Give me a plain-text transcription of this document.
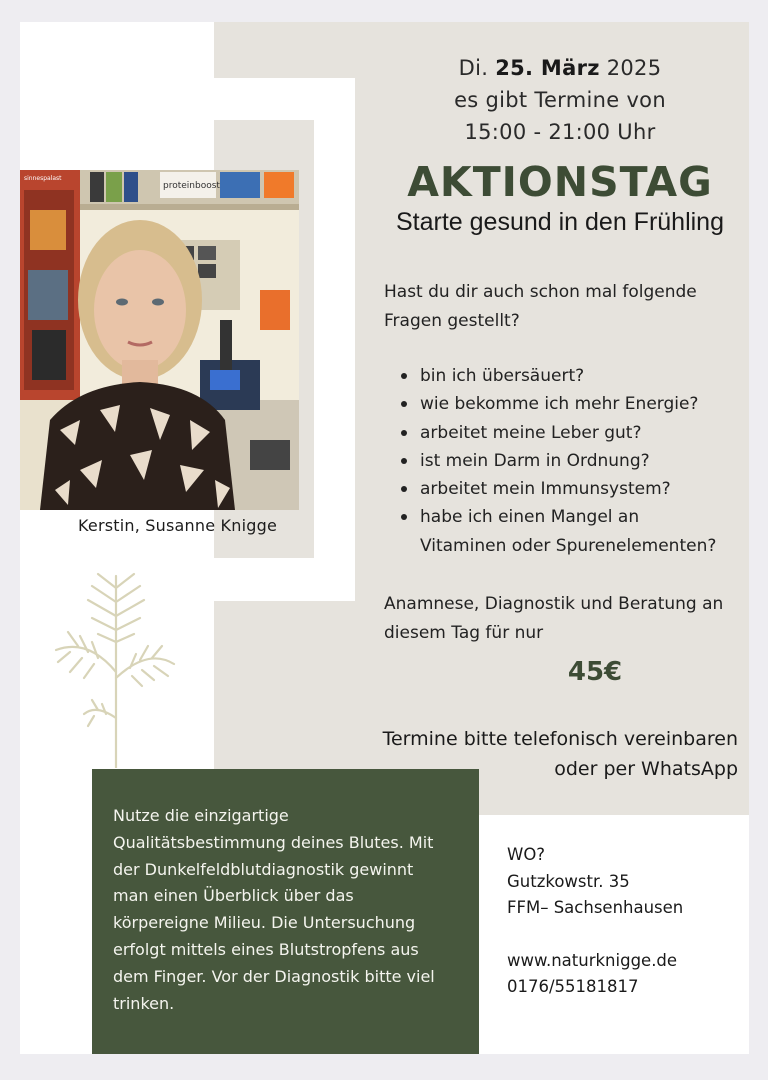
proteinboost
sinnespalast
Kerstin, Susanne Knigge
Di. 25. März 2025
es gibt Termine von
15:00 - 21:00 Uhr
AKTIONSTAG
Starte gesund in den Frühling
Hast du dir auch schon mal folgende
Fragen gestellt?
bin ich übersäuert?
wie bekomme ich mehr Energie?
arbeitet meine Leber gut?
ist mein Darm in Ordnung?
arbeitet mein Immunsystem?
habe ich einen Mangel an
Vitaminen oder Spurenelementen?
Anamnese, Diagnostik und Beratung an
diesem Tag für nur
45€
Termine bitte telefonisch vereinbaren
oder per WhatsApp
Nutze die einzigartige
Qualitätsbestimmung deines Blutes. Mit
der Dunkelfeldblutdiagnostik gewinnt
man einen Überblick über das
körpereigne Milieu. Die Untersuchung
erfolgt mittels eines Blutstropfens aus
dem Finger. Vor der Diagnostik bitte viel
trinken.
WO?
Gutzkowstr. 35
FFM– Sachsenhausen
www.naturknigge.de
0176/55181817
